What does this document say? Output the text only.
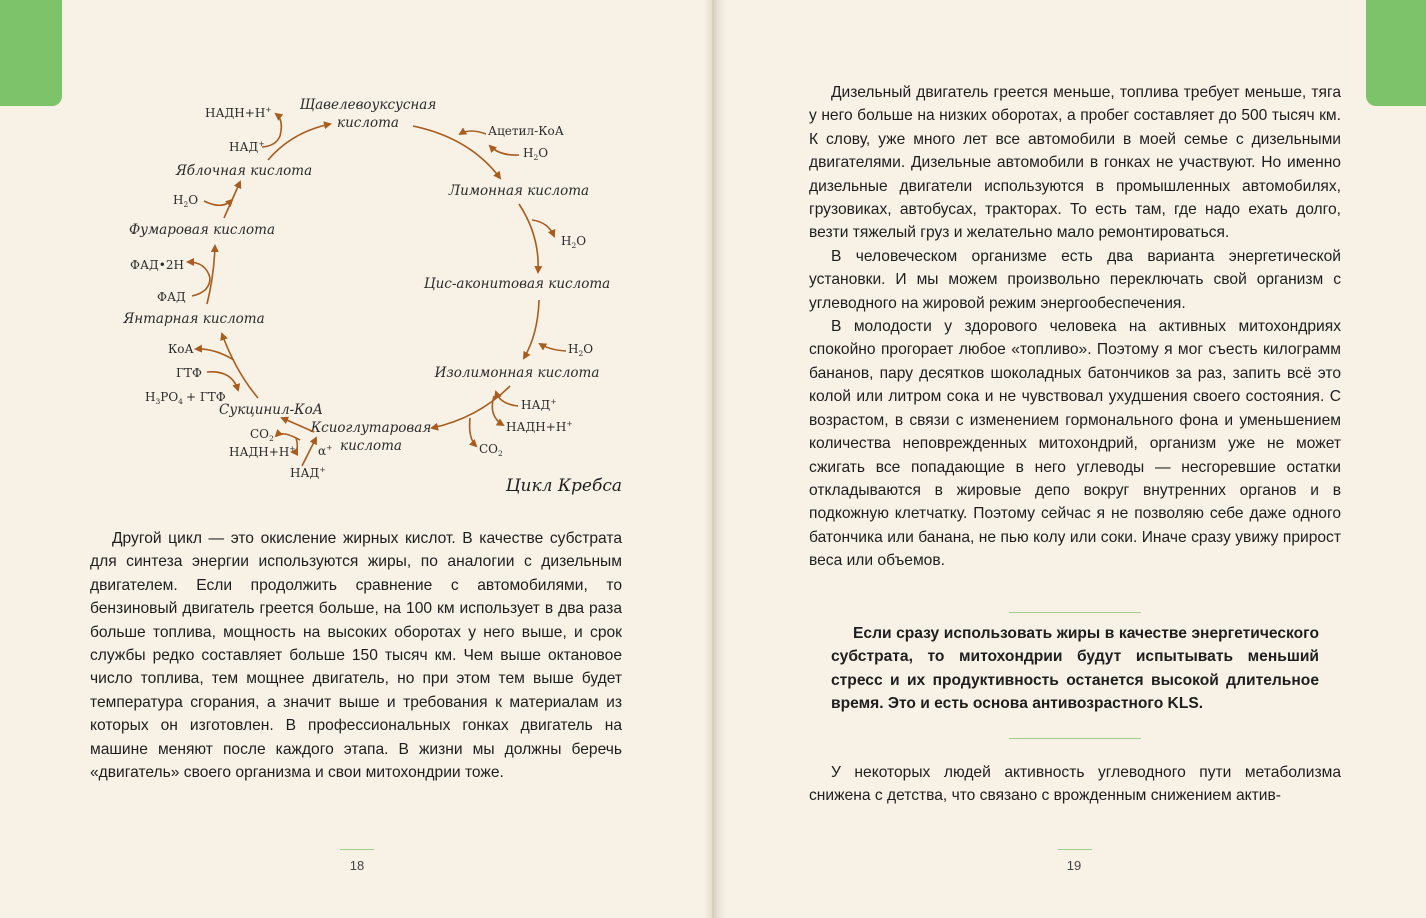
Щавелевоуксусная
кислота
Лимонная кислота
Цис-аконитовая кислота
Изолимонная кислота
Ксиоглутаровая
кислота
Сукцинил-КоА
Янтарная кислота
Фумаровая кислота
Яблочная кислота
Ацетил-КоА
$H_2O$
$H_2O$
$H_2O$
НАД+
НАДН+Н+
$CO_2$
$CO_2$
НАДН+Н+ α+
НАД+
КоА
ГТФ
$H_3PO_4$ + ГТФ
ФАД
ФАД•2Н
$H_2O$
НАД+
НАДН+Н+
Цикл Кребса

Другой цикл — это окисление жирных кислот. В качестве субстрата для синтеза энергии используются жиры, по аналогии с дизельным двигателем. Если продолжить сравнение с автомобилями, то бензиновый двигатель греется больше, на 100 км использует в два раза больше топлива, мощность на высоких оборотах у него выше, и срок службы редко составляет больше 150 тысяч км. Чем выше октановое число топлива, тем мощнее двигатель, но при этом тем выше будет температура сгорания, а значит выше и требования к материалам из которых он изготовлен. В профессиональных гонках двигатель на машине меняют после каждого этапа. В жизни мы должны беречь «двигатель» своего организма и свои митохондрии тоже.

18

Дизельный двигатель греется меньше, топлива требует меньше, тяга у него больше на низких оборотах, а пробег составляет до 500 тысяч км. К слову, уже много лет все автомобили в моей семье с дизельными двигателями. Дизельные автомобили в гонках не участвуют. Но именно дизельные двигатели используются в промышленных автомобилях, грузовиках, автобусах, тракторах. То есть там, где надо ехать долго, везти тяжелый груз и желательно мало ремонтироваться.

В человеческом организме есть два варианта энергетической установки. И мы можем произвольно переключать свой организм с углеводного на жировой режим энергообеспечения.

В молодости у здорового человека на активных митохондриях спокойно прогорает любое «топливо». Поэтому я мог съесть килограмм бананов, пару десятков шоколадных батончиков за раз, запить всё это колой или литром сока и не чувствовал ухудшения своего состояния. С возрастом, в связи с изменением гормонального фона и уменьшением количества неповрежденных митохондрий, организм уже не может сжигать все попадающие в него углеводы — несгоревшие остатки откладываются в жировые депо вокруг внутренних органов и в подкожную клетчатку. Поэтому сейчас я не позволяю себе даже одного батончика или банана, не пью колу или соки. Иначе сразу увижу прирост веса или объемов.

Если сразу использовать жиры в качестве энергетического субстрата, то митохондрии будут испытывать меньший стресс и их продуктивность останется высокой длительное время. Это и есть основа антивозрастного KLS.

У некоторых людей активность углеводного пути метаболизма снижена с детства, что связано с врожденным снижением актив-

19
